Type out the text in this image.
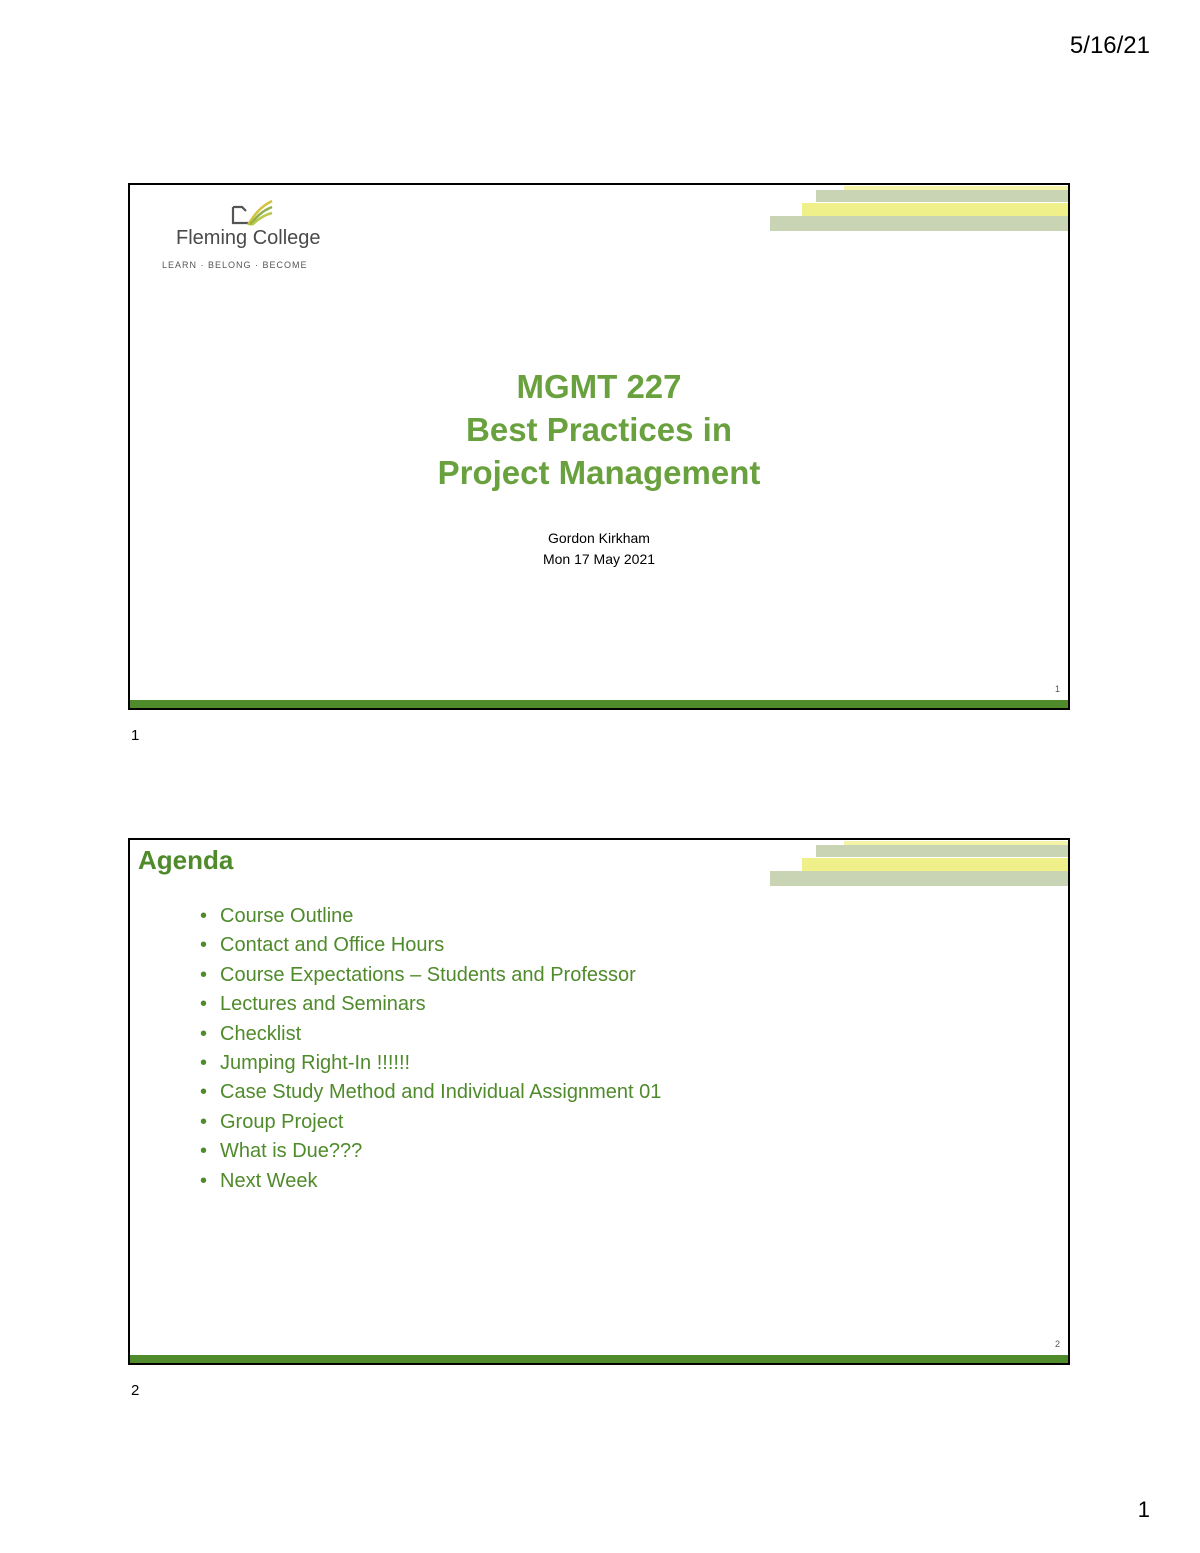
5/16/21
Fleming College
LEARN · BELONG · BECOME
MGMT 227
Best Practices in
Project Management
Gordon Kirkham
Mon 17 May 2021
1
1
Agenda
• Course Outline
• Contact and Office Hours
• Course Expectations – Students and Professor
• Lectures and Seminars
• Checklist
• Jumping Right-In !!!!!!
• Case Study Method and Individual Assignment 01
• Group Project
• What is Due???
• Next Week
2
2
1
